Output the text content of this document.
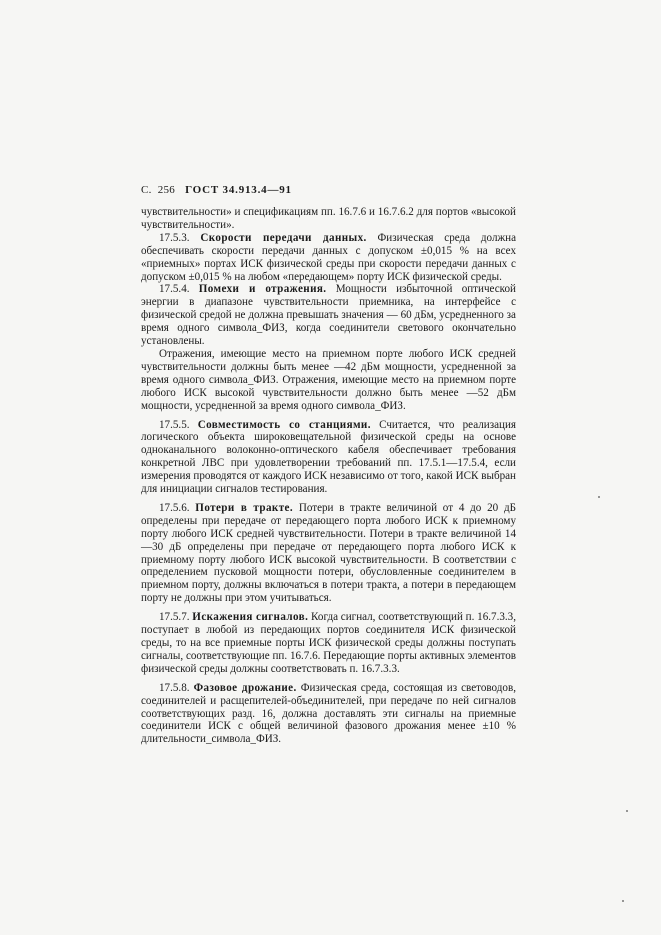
С. 256 ГОСТ 34.913.4—91

чувствительности» и спецификациям пп. 16.7.6 и 16.7.6.2 для портов «высокой чувствительности».

17.5.3. Скорости передачи данных. Физическая среда должна обеспечивать скорости передачи данных с допуском ±0,015 % на всех «приемных» портах ИСК физической среды при скорости передачи данных с допуском ±0,015 % на любом «передающем» порту ИСК физической среды.

17.5.4. Помехи и отражения. Мощности избыточной оптической энергии в диапазоне чувствительности приемника, на интерфейсе с физической средой не должна превышать значения — 60 дБм, усредненного за время одного символа_ФИЗ, когда соединители светового окончательно установлены.

Отражения, имеющие место на приемном порте любого ИСК средней чувствительности должны быть менее —42 дБм мощности, усредненной за время одного символа_ФИЗ. Отражения, имеющие место на приемном порте любого ИСК высокой чувствительности должно быть менее —52 дБм мощности, усредненной за время одного символа_ФИЗ.

17.5.5. Совместимость со станциями. Считается, что реализация логического объекта широковещательной физической среды на основе одноканального волоконно-оптического кабеля обеспечивает требования конкретной ЛВС при удовлетворении требований пп. 17.5.1—17.5.4, если измерения проводятся от каждого ИСК независимо от того, какой ИСК выбран для инициации сигналов тестирования.

17.5.6. Потери в тракте. Потери в тракте величиной от 4 до 20 дБ определены при передаче от передающего порта любого ИСК к приемному порту любого ИСК средней чувствительности. Потери в тракте величиной 14—30 дБ определены при передаче от передающего порта любого ИСК к приемному порту любого ИСК высокой чувствительности. В соответствии с определением пусковой мощности потери, обусловленные соединителем в приемном порту, должны включаться в потери тракта, а потери в передающем порту не должны при этом учитываться.

17.5.7. Искажения сигналов. Когда сигнал, соответствующий п. 16.7.3.3, поступает в любой из передающих портов соединителя ИСК физической среды, то на все приемные порты ИСК физической среды должны поступать сигналы, соответствующие пп. 16.7.6. Передающие порты активных элементов физической среды должны соответствовать п. 16.7.3.3.

17.5.8. Фазовое дрожание. Физическая среда, состоящая из световодов, соединителей и расщепителей-объединителей, при передаче по ней сигналов соответствующих разд. 16, должна доставлять эти сигналы на приемные соединители ИСК с общей величиной фазового дрожания менее ±10 % длительности_символа_ФИЗ.
